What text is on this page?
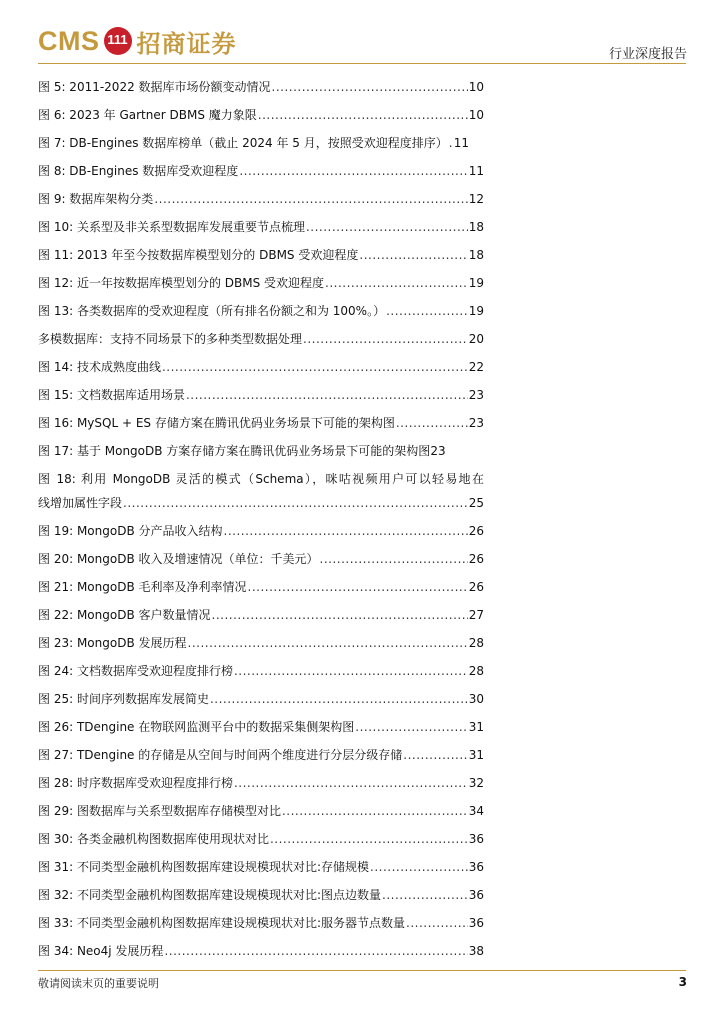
CMS 111 招商证券	行业深度报告
图 5: 2011-2022 数据库市场份额变动情况 .....	10
图 6: 2023 年 Gartner DBMS 魔力象限 .....	10
图 7: DB-Engines 数据库榜单（截止 2024 年 5 月，按照受欢迎程度排序） . 11
图 8: DB-Engines 数据库受欢迎程度 .....	11
图 9: 数据库架构分类 .....	12
图 10: 关系型及非关系型数据库发展重要节点梳理 .....	18
图 11: 2013 年至今按数据库模型划分的 DBMS 受欢迎程度 .....	18
图 12: 近一年按数据库模型划分的 DBMS 受欢迎程度 .....	19
图 13: 各类数据库的受欢迎程度（所有排名份额之和为 100%。） .....	19
多模数据库：支持不同场景下的多种类型数据处理 .....	20
图 14: 技术成熟度曲线 .....	22
图 15: 文档数据库适用场景 .....	23
图 16: MySQL + ES 存储方案在腾讯优码业务场景下可能的架构图 .....	23
图 17: 基于 MongoDB 方案存储方案在腾讯优码业务场景下可能的架构图 23
图 18: 利用 MongoDB 灵活的模式（Schema），咪咕视频用户可以轻易地在
线增加属性字段 .....	25
图 19: MongoDB 分产品收入结构 .....	26
图 20: MongoDB 收入及增速情况（单位：千美元） .....	26
图 21: MongoDB 毛利率及净利率情况 .....	26
图 22: MongoDB 客户数量情况 .....	27
图 23: MongoDB 发展历程 .....	28
图 24: 文档数据库受欢迎程度排行榜 .....	28
图 25: 时间序列数据库发展简史 .....	30
图 26: TDengine 在物联网监测平台中的数据采集侧架构图 .....	31
图 27: TDengine 的存储是从空间与时间两个维度进行分层分级存储 .....	31
图 28: 时序数据库受欢迎程度排行榜 .....	32
图 29: 图数据库与关系型数据库存储模型对比 .....	34
图 30: 各类金融机构图数据库使用现状对比 .....	36
图 31: 不同类型金融机构图数据库建设规模现状对比:存储规模 .....	36
图 32: 不同类型金融机构图数据库建设规模现状对比:图点边数量 .....	36
图 33: 不同类型金融机构图数据库建设规模现状对比:服务器节点数量 .....	36
图 34: Neo4j 发展历程 .....	38
敬请阅读末页的重要说明	3
